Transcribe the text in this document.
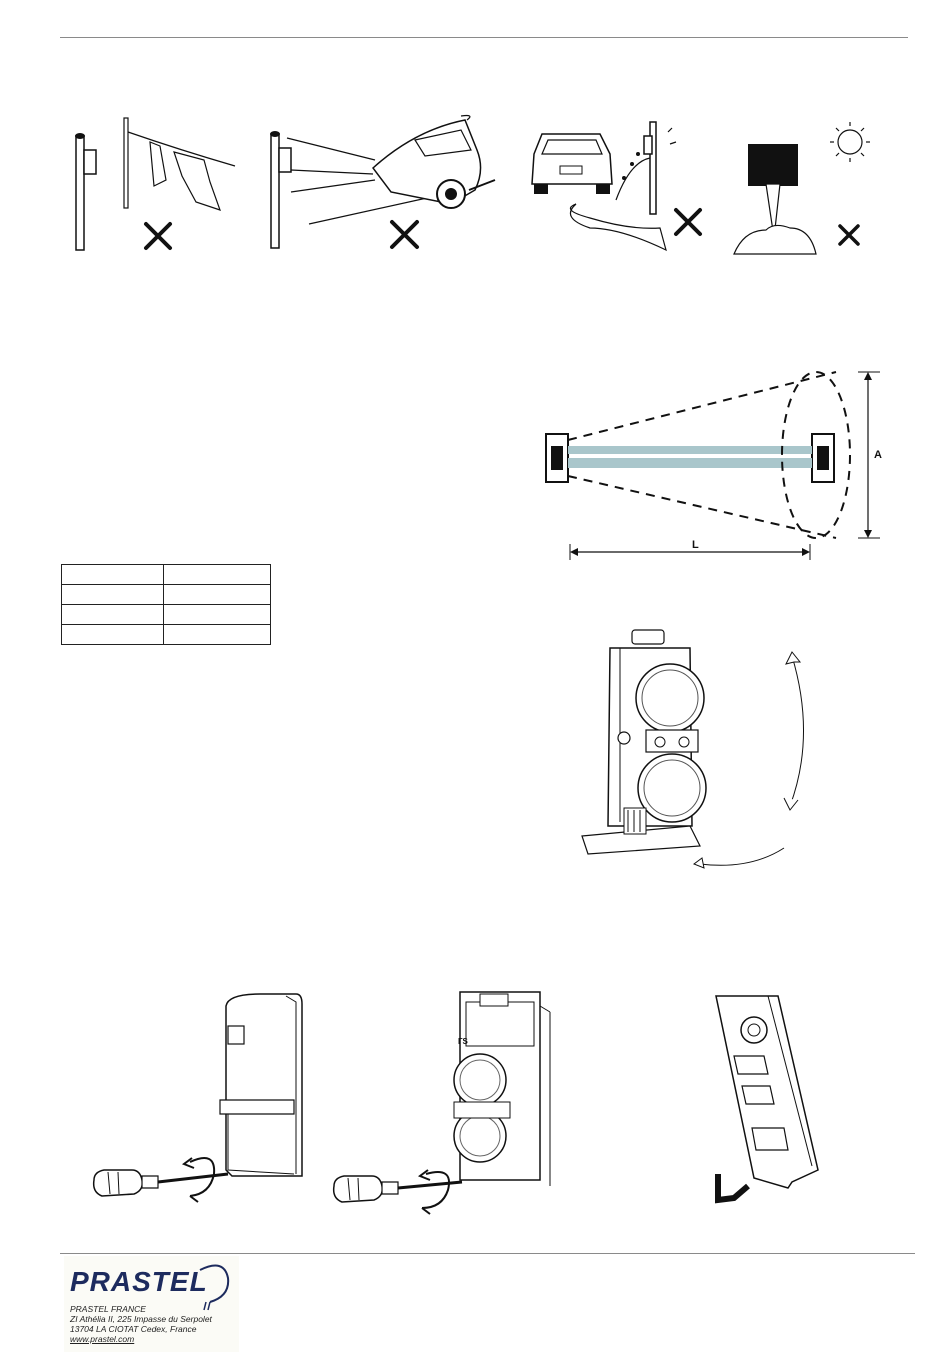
A
L

ГЅ
PRASTEL
PRASTEL FRANCE
ZI Athélia II, 225 Impasse du Serpolet
13704 LA CIOTAT Cedex, France
www.prastel.com
